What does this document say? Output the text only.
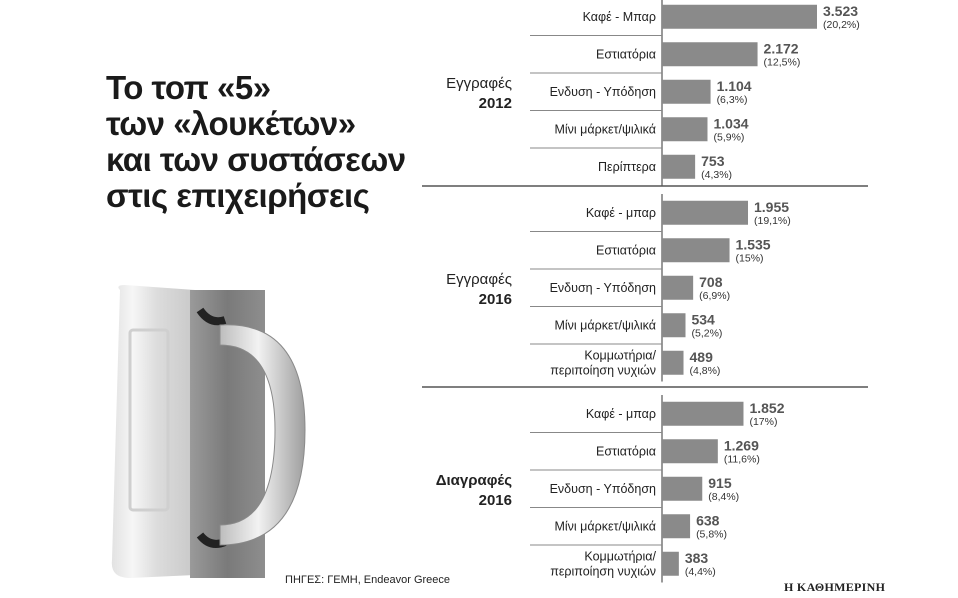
Το τοπ «5»
των «λουκέτων»
και των συστάσεων
στις επιχειρήσεις
Καφέ - Μπαρ	3.523
(20,2%)
Εστιατόρια	2.172
(12,5%)
Ενδυση - Υπόδηση	1.104
(6,3%)
Μίνι μάρκετ/ψιλικά	1.034
(5,9%)
Περίπτερα	753
(4,3%)
Εγγραφές
2012
Καφέ - μπαρ	1.955
(19,1%)
Εστιατόρια	1.535
(15%)
Ενδυση - Υπόδηση	708
(6,9%)
Μίνι μάρκετ/ψιλικά	534
(5,2%)
Κομμωτήρια/
περιποίηση νυχιών
489
(4,8%)
Εγγραφές
2016
Καφέ - μπαρ	1.852
(17%)
Εστιατόρια	1.269
(11,6%)
Ενδυση - Υπόδηση	915
(8,4%)
Μίνι μάρκετ/ψιλικά	638
(5,8%)
Κομμωτήρια/
περιποίηση νυχιών
383
(4,4%)
Διαγραφές
2016
ΠΗΓΕΣ: ΓΕΜΗ, Endeavor Greece	Η ΚΑΘΗΜΕΡΙΝΗ
